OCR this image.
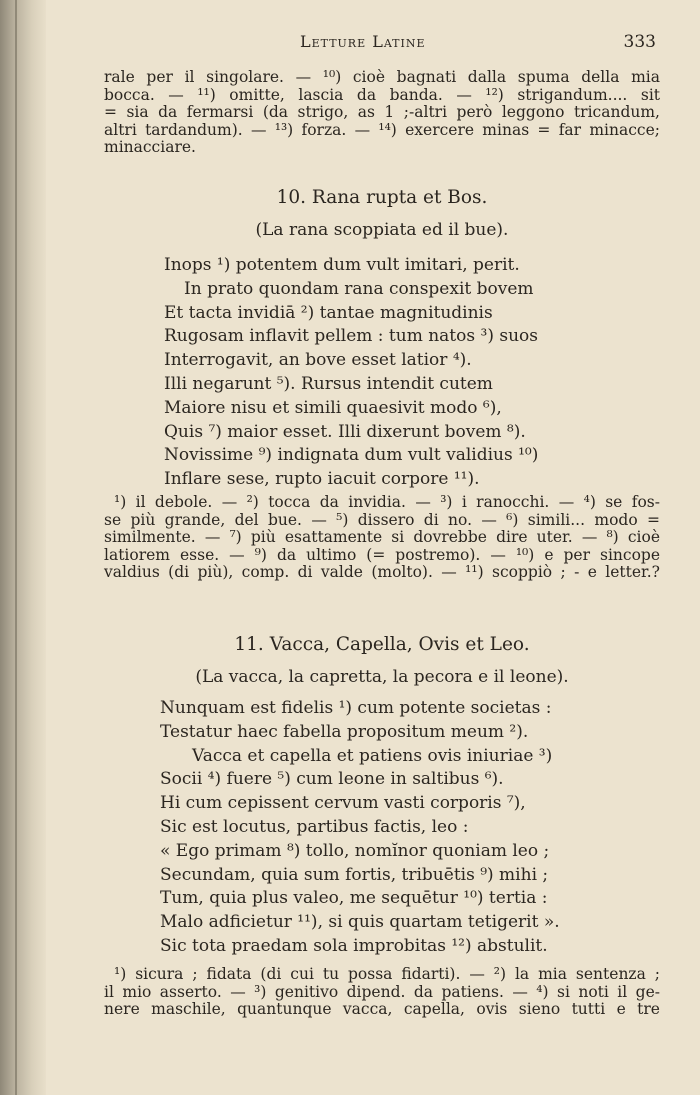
Letture Latine	333
rale per il singolare. — ¹⁰) cioè bagnati dalla spuma della mia
bocca. — ¹¹) omitte, lascia da banda. — ¹²) strigandum.... sit
= sia da fermarsi (da strigo, as 1 ;-altri però leggono tricandum,
altri tardandum). — ¹³) forza. — ¹⁴) exercere minas = far minacce;
minacciare.
10. Rana rupta et Bos.
(La rana scoppiata ed il bue).
Inops ¹) potentem dum vult imitari, perit.
In prato quondam rana conspexit bovem
Et tacta invidiā ²) tantae magnitudinis
Rugosam inflavit pellem : tum natos ³) suos
Interrogavit, an bove esset latior ⁴).
Illi negarunt ⁵). Rursus intendit cutem
Maiore nisu et simili quaesivit modo ⁶),
Quis ⁷) maior esset. Illi dixerunt bovem ⁸).
Novissime ⁹) indignata dum vult validius ¹⁰)
Inflare sese, rupto iacuit corpore ¹¹).
¹) il debole. — ²) tocca da invidia. — ³) i ranocchi. — ⁴) se fos-
se più grande, del bue. — ⁵) dissero di no. — ⁶) simili... modo =
similmente. — ⁷) più esattamente si dovrebbe dire uter. — ⁸) cioè
latiorem esse. — ⁹) da ultimo (= postremo). — ¹⁰) e per sincope
valdius (di più), comp. di valde (molto). — ¹¹) scoppiò ; - e letter.?
11. Vacca, Capella, Ovis et Leo.
(La vacca, la capretta, la pecora e il leone).
Nunquam est fidelis ¹) cum potente societas :
Testatur haec fabella propositum meum ²).
Vacca et capella et patiens ovis iniuriae ³)
Socii ⁴) fuere ⁵) cum leone in saltibus ⁶).
Hi cum cepissent cervum vasti corporis ⁷),
Sic est locutus, partibus factis, leo :
« Ego primam ⁸) tollo, nomĭnor quoniam leo ;
Secundam, quia sum fortis, tribuētis ⁹) mihi ;
Tum, quia plus valeo, me sequētur ¹⁰) tertia :
Malo adficietur ¹¹), si quis quartam tetigerit ».
Sic tota praedam sola improbitas ¹²) abstulit.
¹) sicura ; fidata (di cui tu possa fidarti). — ²) la mia sentenza ;
il mio asserto. — ³) genitivo dipend. da patiens. — ⁴) si noti il ge-
nere maschile, quantunque vacca, capella, ovis sieno tutti e tre
